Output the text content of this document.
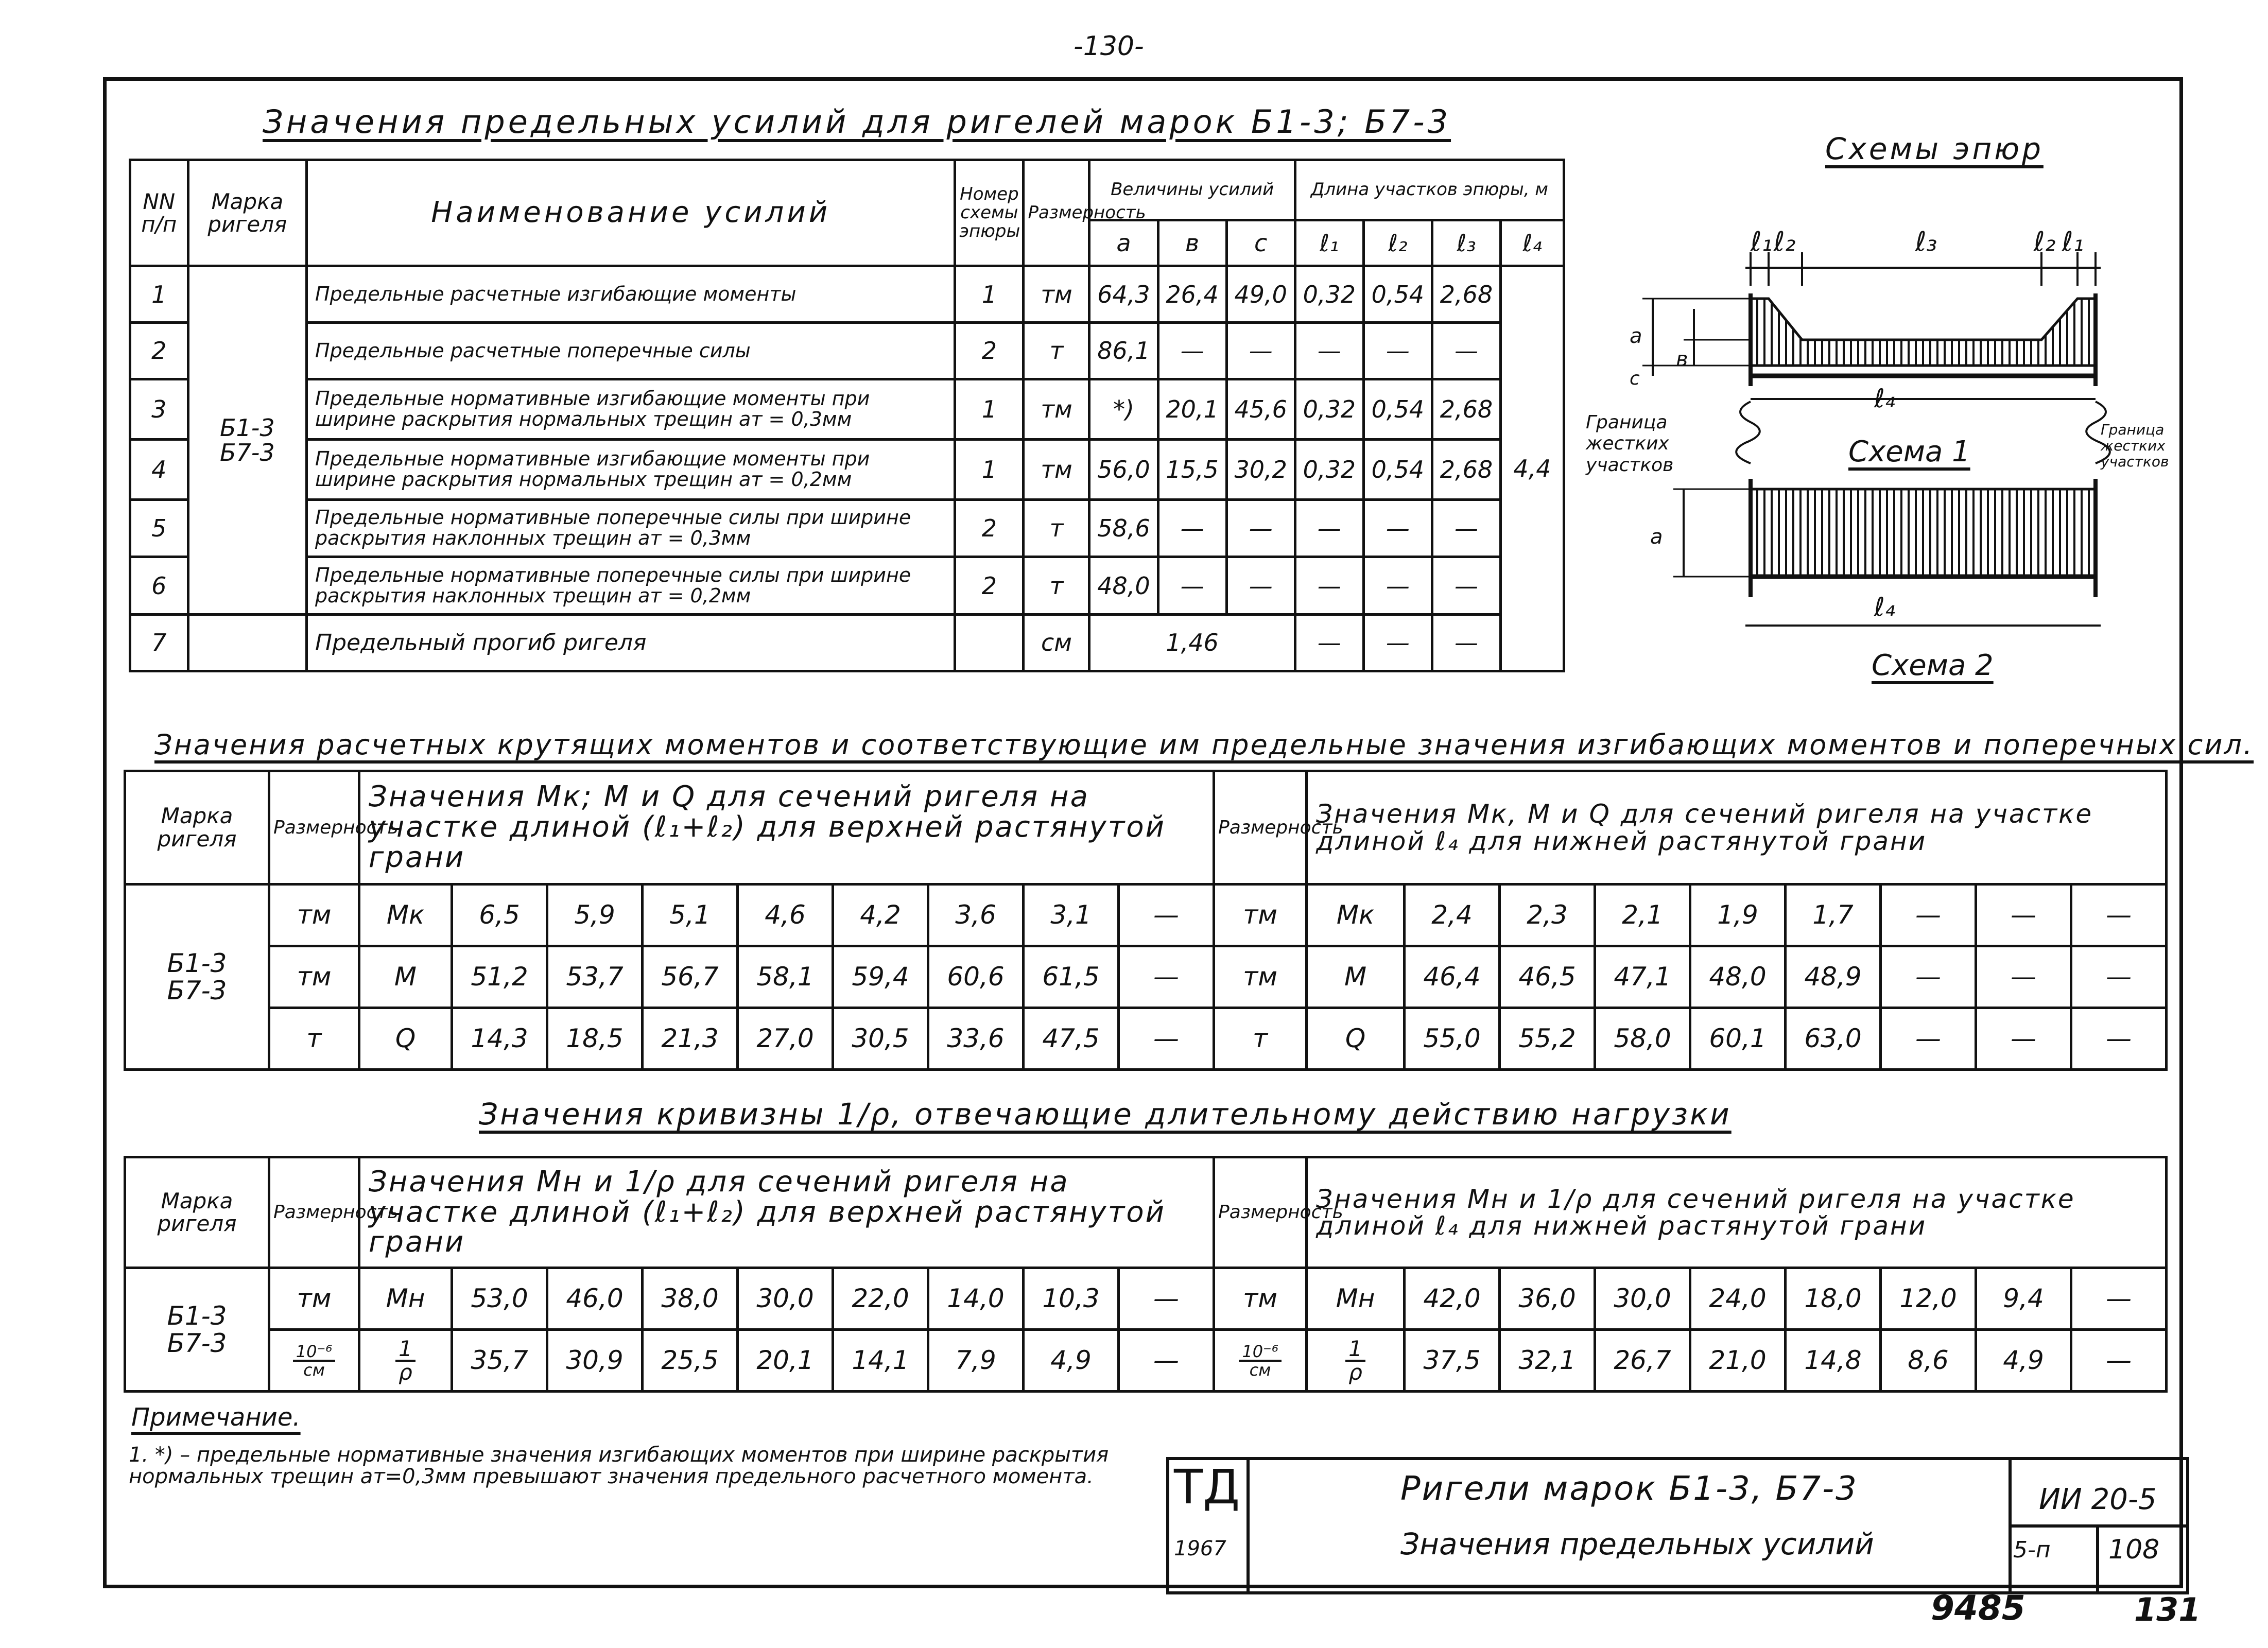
-130-
Значения предельных усилий для ригелей марок Б1-3; Б7-3
NN п/п	Марка ригеля	Наименование усилий	Номер схемы эпюры	Размерность	Величины усилий			Длина участков эпюры, м			
					a	в	c	ℓ₁	ℓ₂	ℓ₃	ℓ₄
1	Б1-3
Б7-3	Предельные расчетные изгибающие моменты	1	тм	64,3	26,4	49,0	0,32	0,54	2,68	4,4
2		Предельные расчетные поперечные силы	2	т	86,1	—	—	—	—	—	
3		Предельные нормативные изгибающие моменты при ширине раскрытия нормальных трещин aт = 0,3мм	1	тм	*)	20,1	45,6	0,32	0,54	2,68	
4		Предельные нормативные изгибающие моменты при ширине раскрытия нормальных трещин aт = 0,2мм	1	тм	56,0	15,5	30,2	0,32	0,54	2,68	
5		Предельные нормативные поперечные силы при ширине раскрытия наклонных трещин aт = 0,3мм	2	т	58,6	—	—	—	—	—	
6		Предельные нормативные поперечные силы при ширине раскрытия наклонных трещин aт = 0,2мм	2	т	48,0	—	—	—	—	—	
7		Предельный прогиб ригеля		см	1,46			—	—	—	
Схемы эпюр
ℓ₁ ℓ₂	ℓ₃	ℓ₂ ℓ₁
a
в
c
ℓ₄
Граница жестких участков
Граница жестких участков
Схема 1
a
ℓ₄
Схема 2
Значения расчетных крутящих моментов и соответствующие им предельные значения изгибающих моментов и поперечных сил.
Марка ригеля	Размерность	Значения Mк; M и Q для сечений ригеля на участке длиной (ℓ₁+ℓ₂) для верхней растянутой грани									Размерность	Значения Mк, M и Q для сечений ригеля на участке длиной ℓ₄ для нижней растянутой грани								
Б1-3
Б7-3	тм	Mк	6,5	5,9	5,1	4,6	4,2	3,6	3,1	—	тм	Mк	2,4	2,3	2,1	1,9	1,7	—	—	—
	тм	M	51,2	53,7	56,7	58,1	59,4	60,6	61,5	—	тм	M	46,4	46,5	47,1	48,0	48,9	—	—	—
	т	Q	14,3	18,5	21,3	27,0	30,5	33,6	47,5	—	т	Q	55,0	55,2	58,0	60,1	63,0	—	—	—
Значения кривизны 1/ρ, отвечающие длительному действию нагрузки
Марка ригеля	Размерность	Значения Mн и 1/ρ для сечений ригеля на участке длиной (ℓ₁+ℓ₂) для верхней растянутой грани									Размерность	Значения Mн и 1/ρ для сечений ригеля на участке длиной ℓ₄ для нижней растянутой грани								
Б1-3
Б7-3	тм	Mн	53,0	46,0	38,0	30,0	22,0	14,0	10,3	—	тм	Mн	42,0	36,0	30,0	24,0	18,0	12,0	9,4	—

	$\frac{\text{10⁻⁶}}{см}$	$\frac{1}{\rho}$	35,7	30,9	25,5	20,1	14,1	7,9	4,9	—	$\frac{\text{10⁻⁶}}{см}$	$\frac{1}{\rho}$	37,5	32,1	26,7	21,0	14,8	8,6	4,9	—
Примечание.
1. *) – предельные нормативные значения изгибающих моментов при ширине раскрытия нормальных трещин aт=0,3мм превышают значения предельного расчетного момента.	ТД
1967
Ригели марок Б1-3, Б7-3
Значения предельных усилий
ИИ 20-5
5-п 108
9485	131
